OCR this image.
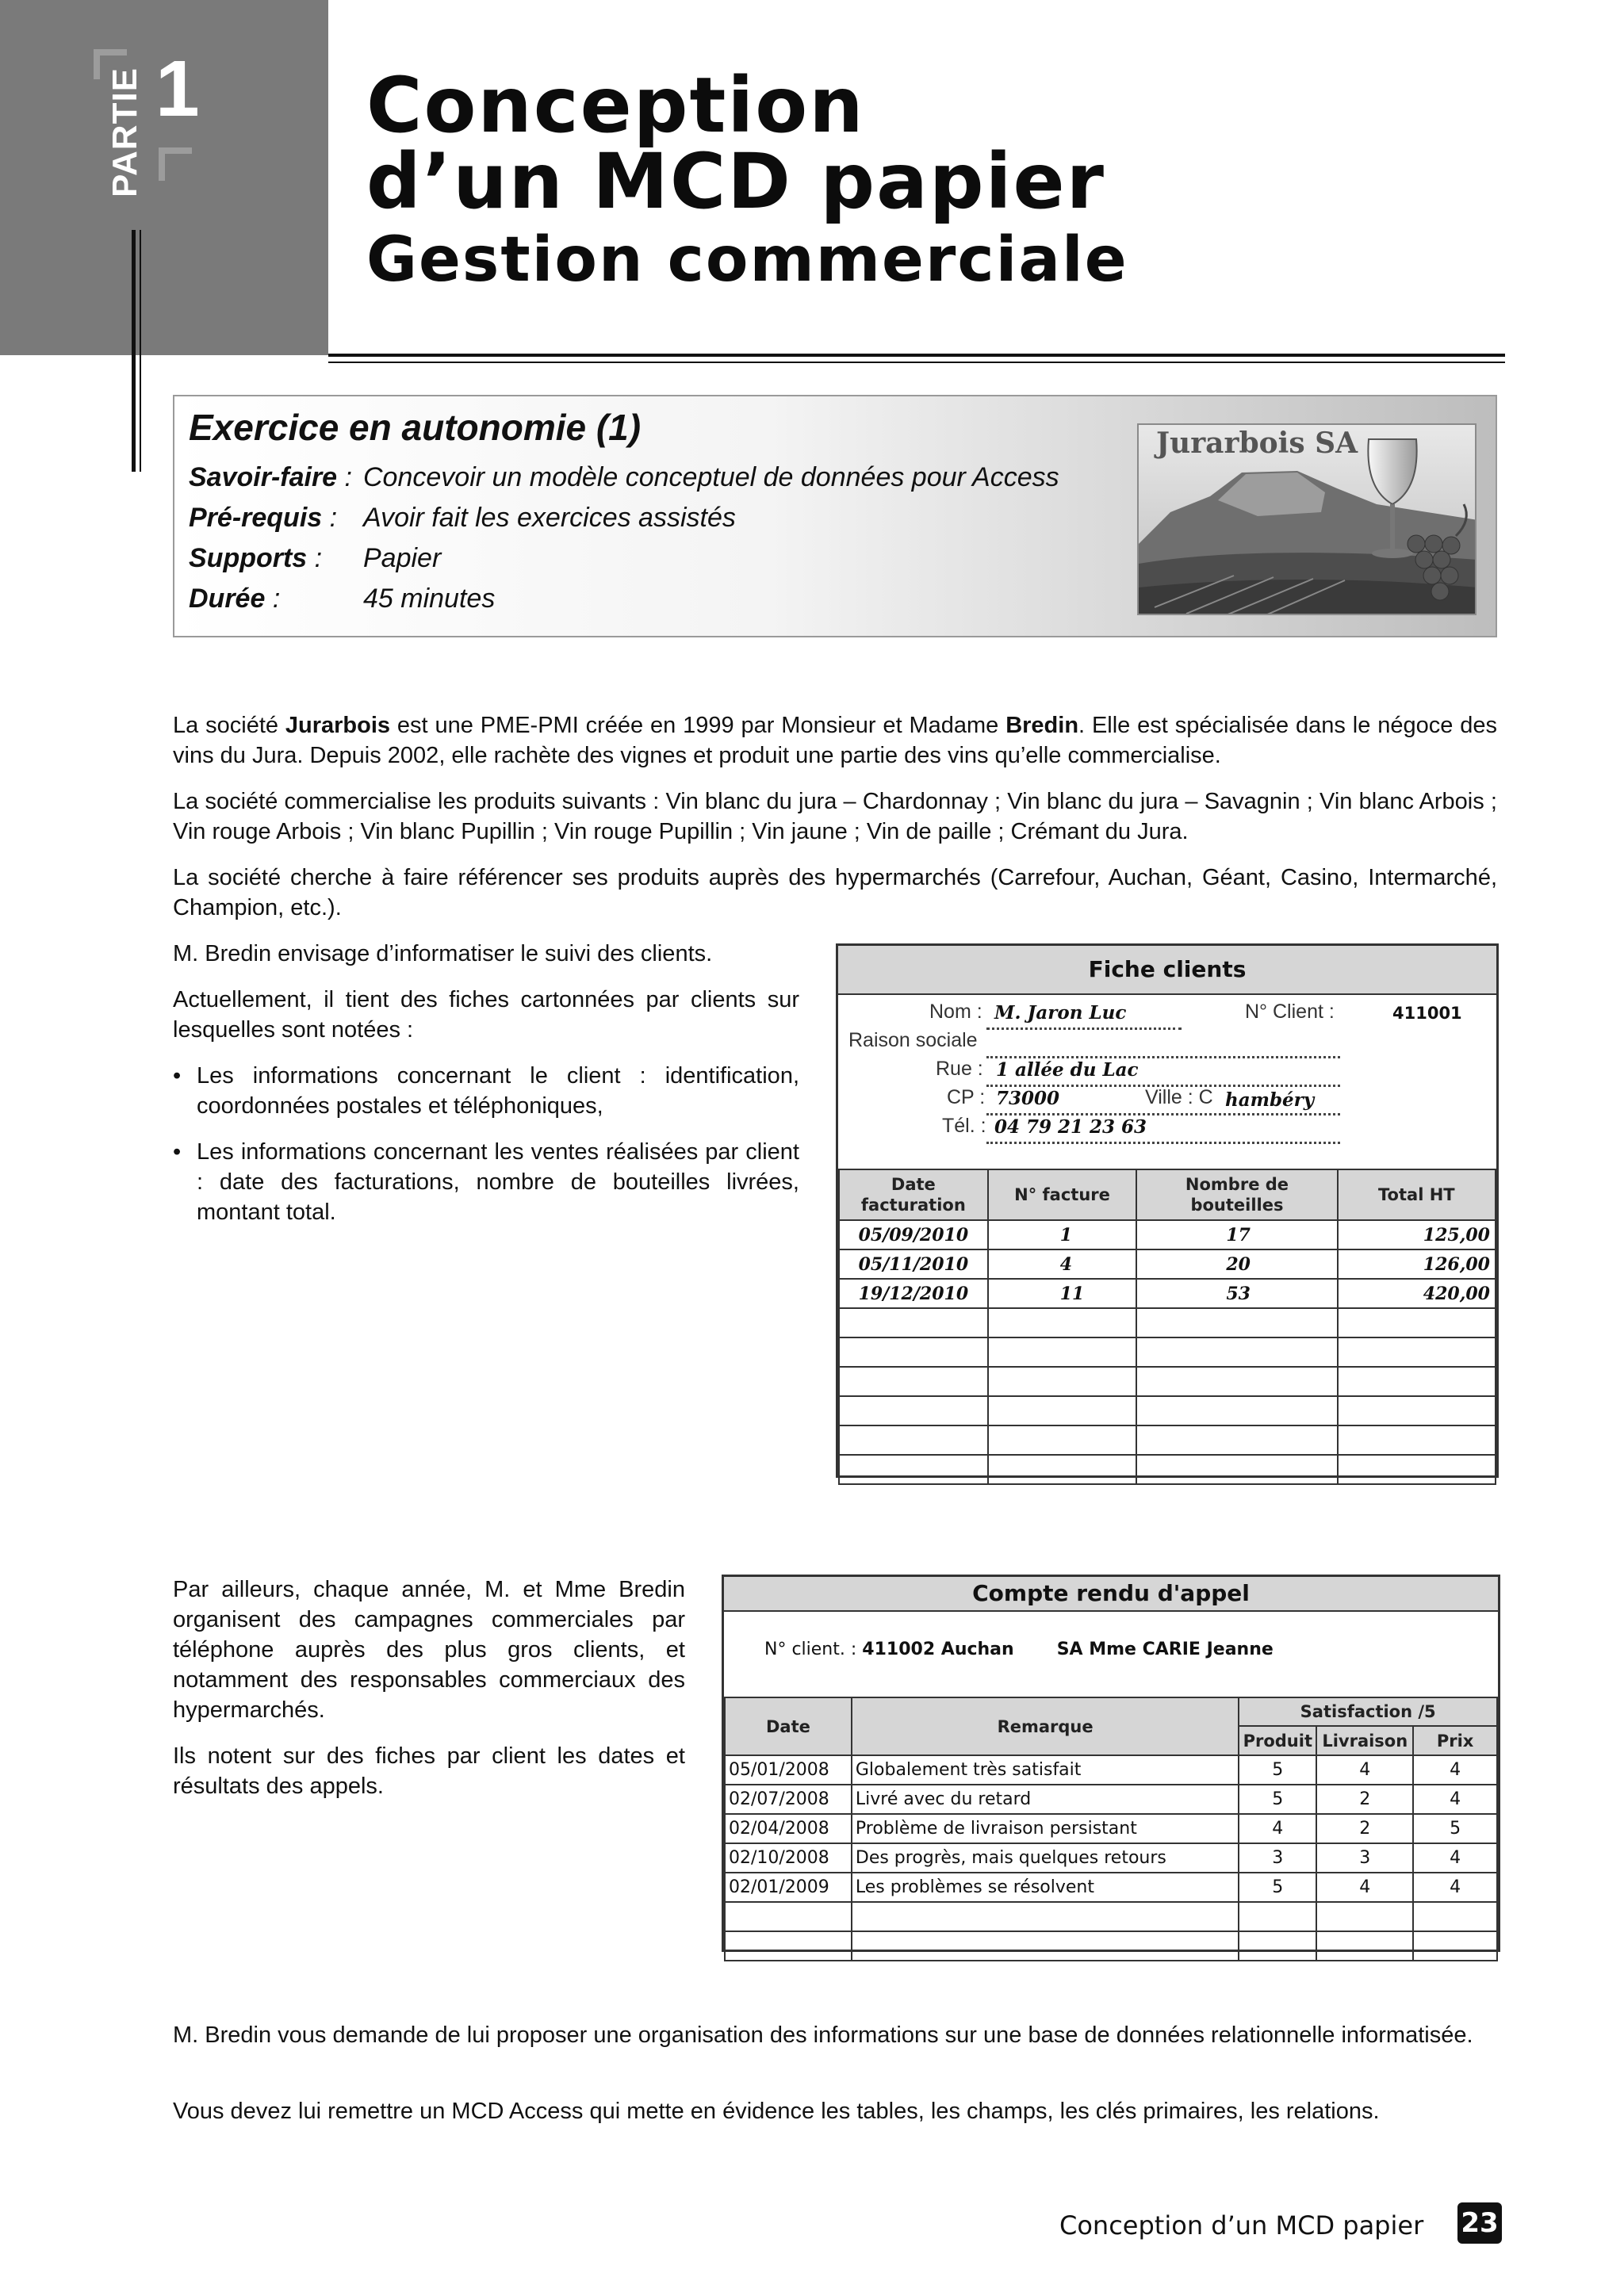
PARTIE 1 Conception
d’un MCD papier
Gestion commerciale
Exercice en autonomie (1)
Savoir-faire : Concevoir un modèle conceptuel de données pour Access
Pré-requis : Avoir fait les exercices assistés
Supports : Papier
Durée :	45 minutes
Jurarbois SA
La société Jurarbois est une PME-PMI créée en 1999 par Monsieur et Madame Bredin. Elle est spécialisée dans le négoce des vins du Jura. Depuis 2002, elle rachète des vignes et produit une partie des vins qu’elle commercialise.
La société commercialise les produits suivants : Vin blanc du jura – Chardonnay ; Vin blanc du jura – Savagnin ; Vin blanc Arbois ; Vin rouge Arbois ; Vin blanc Pupillin ; Vin rouge Pupillin ; Vin jaune ; Vin de paille ; Crémant du Jura.
La société cherche à faire référencer ses produits auprès des hypermarchés (Carrefour, Auchan, Géant, Casino, Intermarché, Champion, etc.).
M. Bredin envisage d’informatiser le suivi des clients.
Actuellement, il tient des fiches cartonnées par clients sur lesquelles sont notées :
• Les informations concernant le client : identification, coordonnées postales et téléphoniques,
• Les informations concernant les ventes réalisées par client : date des facturations, nombre de bouteilles livrées, montant total.
Fiche clients
Nom : M. Jaron Luc	N° Client :	411001
Raison sociale
Rue : 1 allée du Lac
CP : 73000	Ville : C hambéry
Tél. : 04 79 21 23 63
Date facturation	N° facture	Nombre de bouteilles	Total HT
05/09/2010	1	17	125,00
05/11/2010	4	20	126,00
19/12/2010	11	53	420,00

Par ailleurs, chaque année, M. et Mme Bredin organisent des campagnes commerciales par téléphone auprès des plus gros clients, et notamment des responsables commerciaux des hypermarchés.
Ils notent sur des fiches par client les dates et résultats des appels.
Compte rendu d'appel
N° client. : 411002 Auchan SA Mme CARIE Jeanne
Date	Remarque	Satisfaction /5		
		Produit	Livraison	Prix
05/01/2008	Globalement très satisfait	5	4	4
02/07/2008	Livré avec du retard	5	2	4
02/04/2008	Problème de livraison persistant	4	2	5
02/10/2008	Des progrès, mais quelques retours	3	3	4
02/01/2009	Les problèmes se résolvent	5	4	4

M. Bredin vous demande de lui proposer une organisation des informations sur une base de données relationnelle informatisée.
Vous devez lui remettre un MCD Access qui mette en évidence les tables, les champs, les clés primaires, les relations.
Conception d’un MCD papier 23
